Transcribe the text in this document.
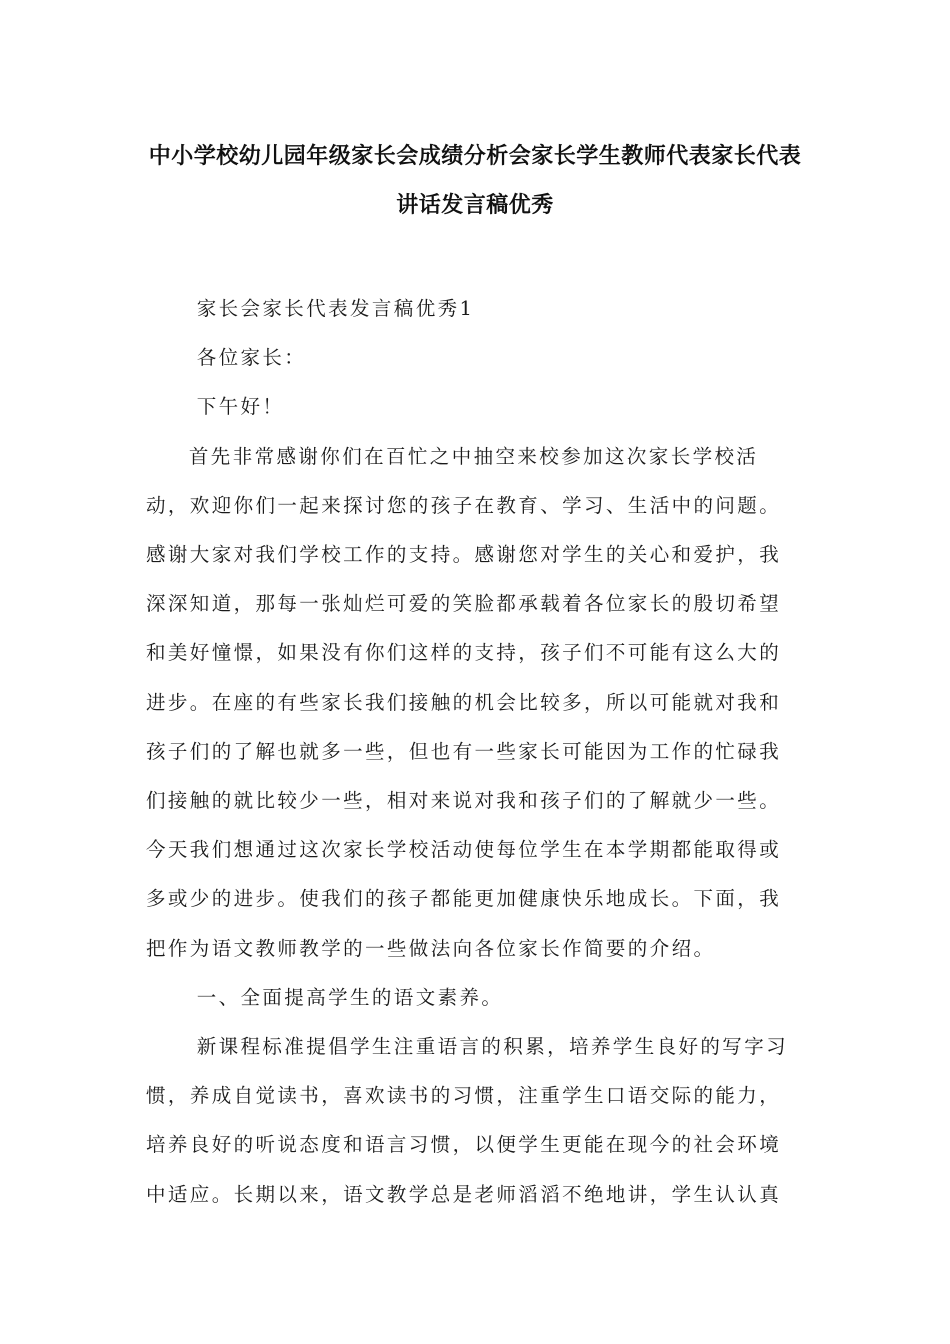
中小学校幼儿园年级家长会成绩分析会家长学生教师代表家长代表
讲话发言稿优秀

家长会家长代表发言稿优秀1

各位家长：

下午好！

首先非常感谢你们在百忙之中抽空来校参加这次家长学校活
动，欢迎你们一起来探讨您的孩子在教育、学习、生活中的问题。
感谢大家对我们学校工作的支持。感谢您对学生的关心和爱护，我
深深知道，那每一张灿烂可爱的笑脸都承载着各位家长的殷切希望
和美好憧憬，如果没有你们这样的支持，孩子们不可能有这么大的
进步。在座的有些家长我们接触的机会比较多，所以可能就对我和
孩子们的了解也就多一些，但也有一些家长可能因为工作的忙碌我
们接触的就比较少一些，相对来说对我和孩子们的了解就少一些。
今天我们想通过这次家长学校活动使每位学生在本学期都能取得或
多或少的进步。使我们的孩子都能更加健康快乐地成长。下面，我
把作为语文教师教学的一些做法向各位家长作简要的介绍。

一、全面提高学生的语文素养。

新课程标准提倡学生注重语言的积累，培养学生良好的写字习
惯，养成自觉读书，喜欢读书的习惯，注重学生口语交际的能力，
培养良好的听说态度和语言习惯，以便学生更能在现今的社会环境
中适应。长期以来，语文教学总是老师滔滔不绝地讲，学生认认真
